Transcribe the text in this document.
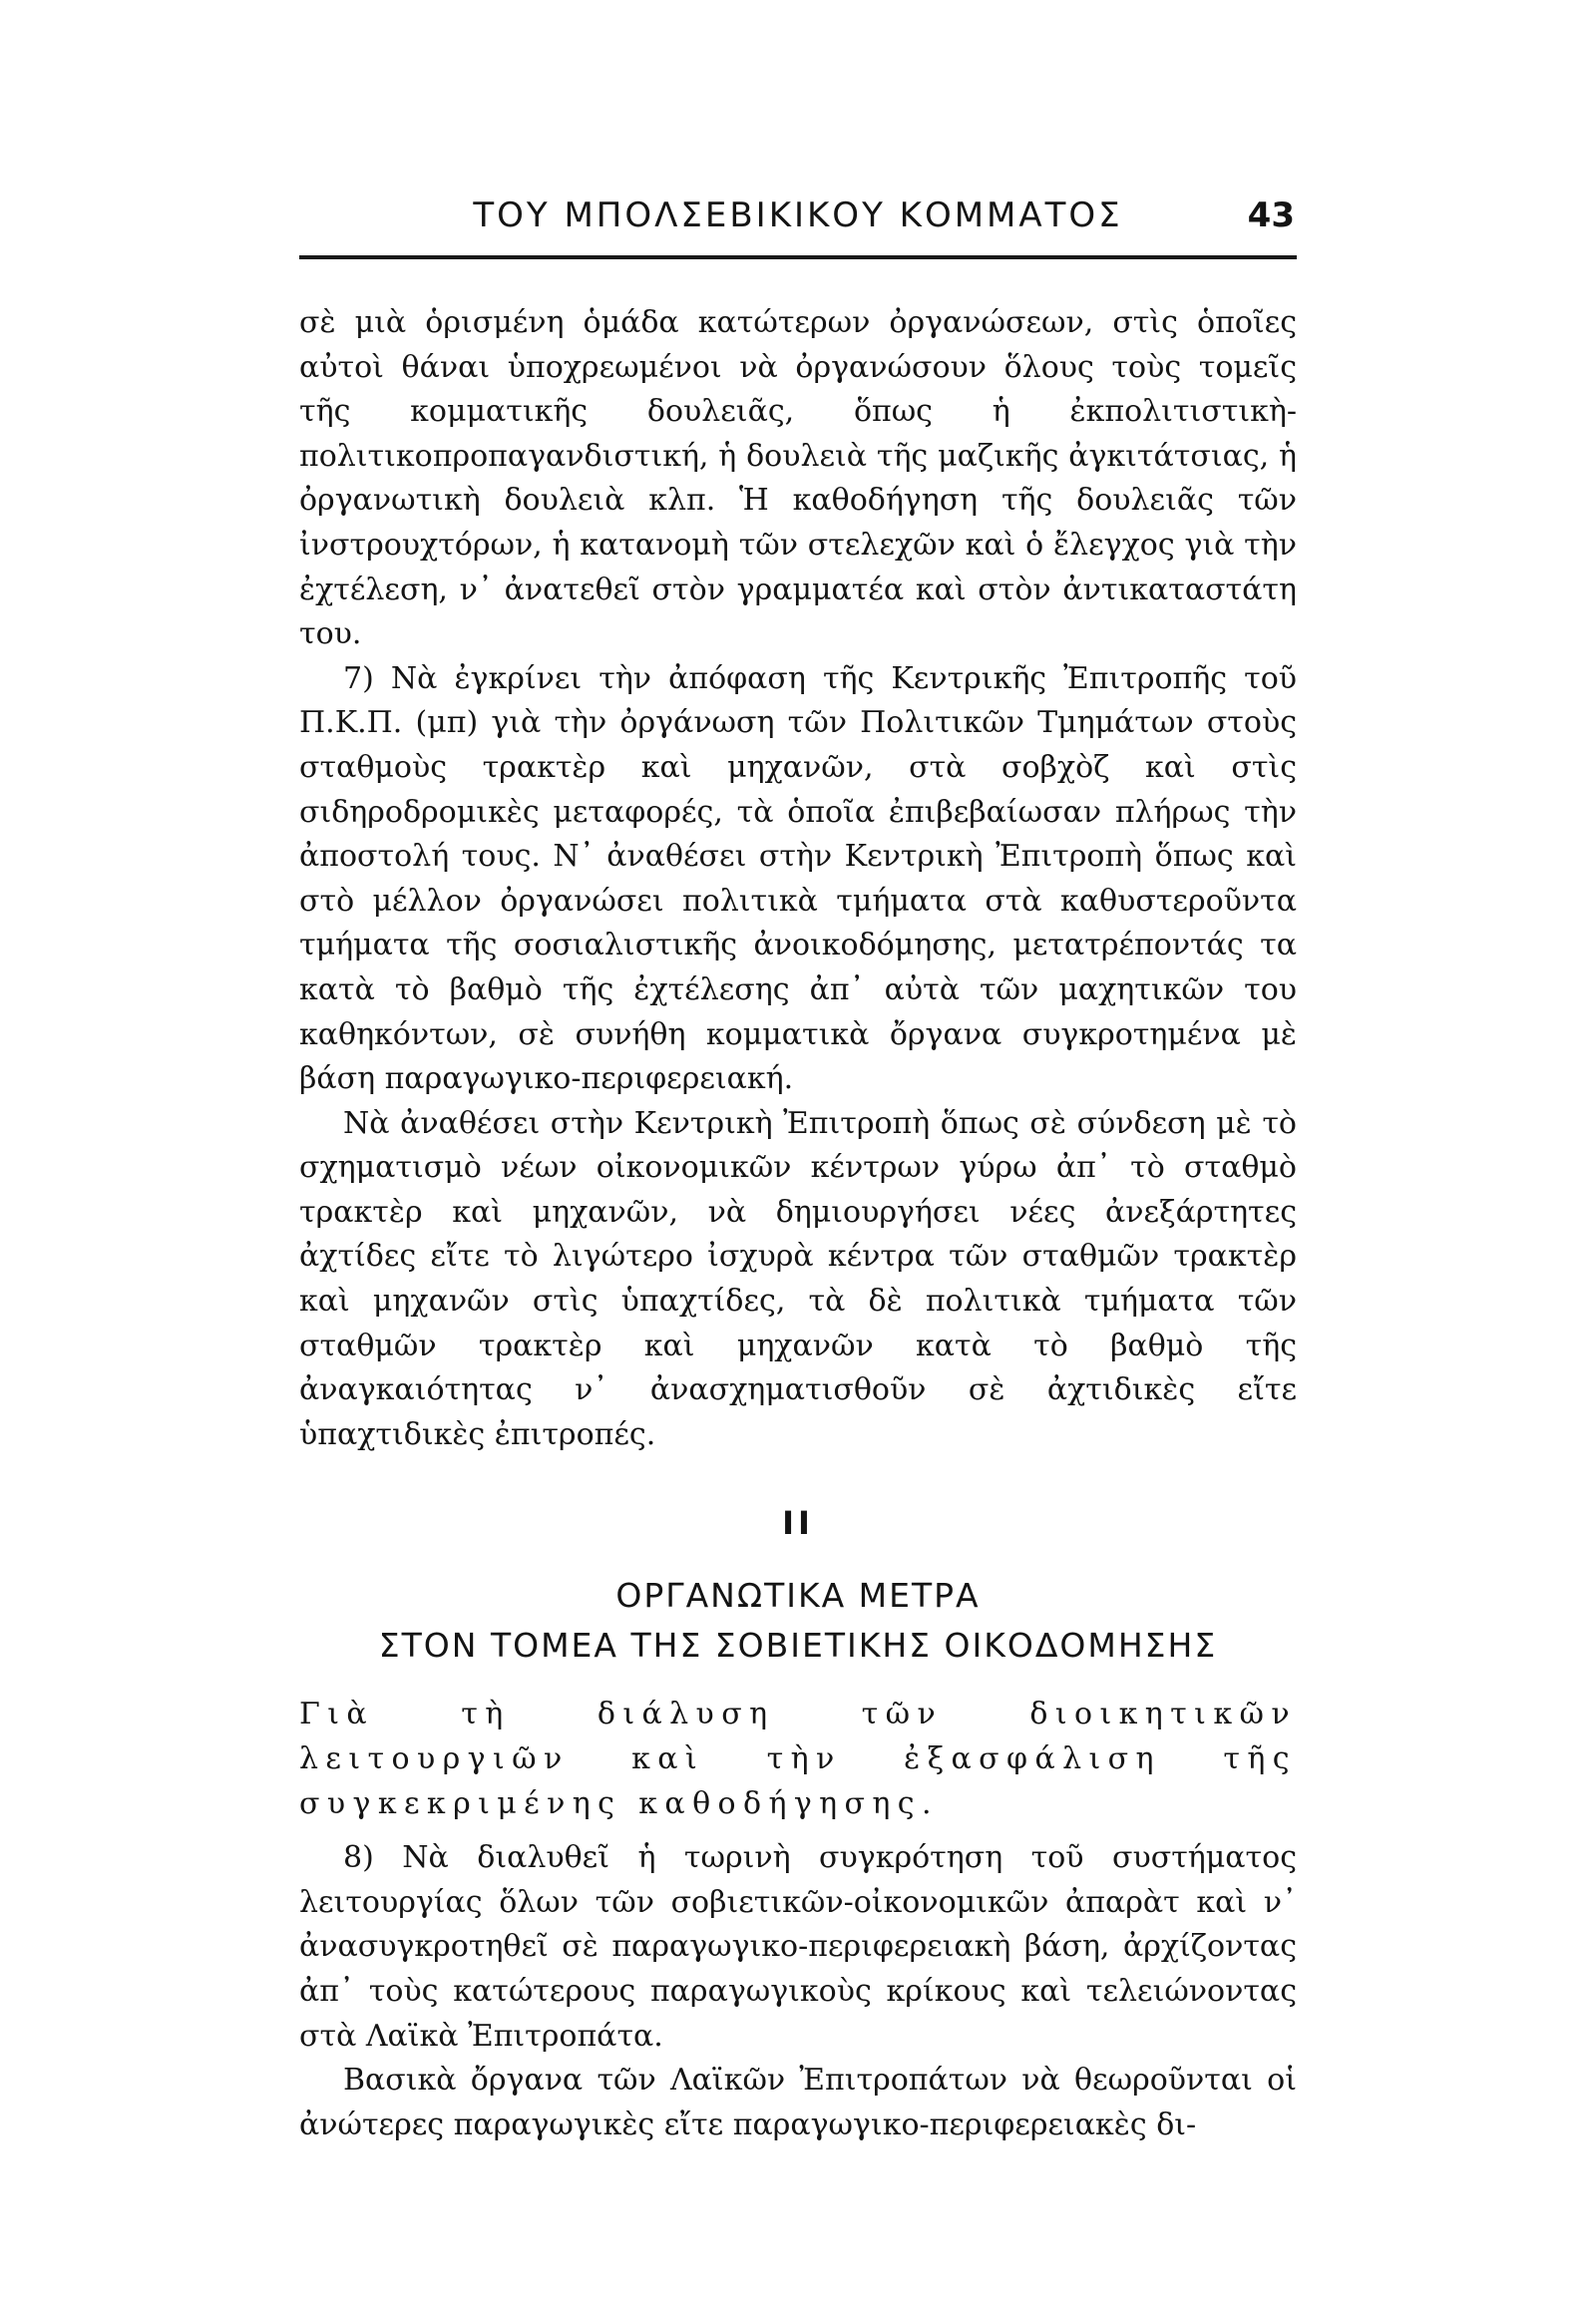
ΤΟΥ ΜΠΟΛΣΕΒΙΚΙΚΟΥ ΚΟΜΜΑΤΟΣ	43

σὲ μιὰ ὁρισμένη ὁμάδα κατώτερων ὀργανώσεων, στὶς ὁποῖες αὐτοὶ θάναι ὑποχρεωμένοι νὰ ὀργανώσουν ὅλους τοὺς τομεῖς τῆς κομματικῆς δουλειᾶς, ὅπως ἡ ἐκπολιτιστικὴ-πολιτικοπροπαγανδιστική, ἡ δουλειὰ τῆς μαζικῆς ἀγκιτάτσιας, ἡ ὀργανωτικὴ δουλειὰ κλπ. Ἡ καθοδήγηση τῆς δουλειᾶς τῶν ἰνστρουχτόρων, ἡ κατανομὴ τῶν στελεχῶν καὶ ὁ ἔλεγχος γιὰ τὴν ἐχτέλεση, ν᾽ ἀνατεθεῖ στὸν γραμματέα καὶ στὸν ἀντικαταστάτη του.

7) Νὰ ἐγκρίνει τὴν ἀπόφαση τῆς Κεντρικῆς Ἐπιτροπῆς τοῦ Π.Κ.Π. (μπ) γιὰ τὴν ὀργάνωση τῶν Πολιτικῶν Τμημάτων στοὺς σταθμοὺς τρακτὲρ καὶ μηχανῶν, στὰ σοβχὸζ καὶ στὶς σιδηροδρομικὲς μεταφορές, τὰ ὁποῖα ἐπιβεβαίωσαν πλήρως τὴν ἀποστολή τους. Ν᾽ ἀναθέσει στὴν Κεντρικὴ Ἐπιτροπὴ ὅπως καὶ στὸ μέλλον ὀργανώσει πολιτικὰ τμήματα στὰ καθυστεροῦντα τμήματα τῆς σοσιαλιστικῆς ἀνοικοδόμησης, μετατρέποντάς τα κατὰ τὸ βαθμὸ τῆς ἐχτέλεσης ἀπ᾽ αὐτὰ τῶν μαχητικῶν του καθηκόντων, σὲ συνήθη κομματικὰ ὄργανα συγκροτημένα μὲ βάση παραγωγικο-περιφερειακή.

Νὰ ἀναθέσει στὴν Κεντρικὴ Ἐπιτροπὴ ὅπως σὲ σύνδεση μὲ τὸ σχηματισμὸ νέων οἰκονομικῶν κέντρων γύρω ἀπ᾽ τὸ σταθμὸ τρακτὲρ καὶ μηχανῶν, νὰ δημιουργήσει νέες ἀνεξάρτητες ἀχτίδες εἴτε τὸ λιγώτερο ἰσχυρὰ κέντρα τῶν σταθμῶν τρακτὲρ καὶ μηχανῶν στὶς ὑπαχτίδες, τὰ δὲ πολιτικὰ τμήματα τῶν σταθμῶν τρακτὲρ καὶ μηχανῶν κατὰ τὸ βαθμὸ τῆς ἀναγκαιότητας ν᾽ ἀνασχηματισθοῦν σὲ ἀχτιδικὲς εἴτε ὑπαχτιδικὲς ἐπιτροπές.

ΙΙ
ΟΡΓΑΝΩΤΙΚΑ ΜΕΤΡΑ
ΣΤΟΝ ΤΟΜΕΑ ΤΗΣ ΣΟΒΙΕΤΙΚΗΣ ΟΙΚΟΔΟΜΗΣΗΣ

Γιὰ τὴ διάλυση τῶν διοικητικῶν λειτουργιῶν καὶ τὴν ἐξασφάλιση τῆς συγκεκριμένης καθοδήγησης.

8) Νὰ διαλυθεῖ ἡ τωρινὴ συγκρότηση τοῦ συστήματος λειτουργίας ὅλων τῶν σοβιετικῶν-οἰκονομικῶν ἀπαρὰτ καὶ ν᾽ ἀνασυγκροτηθεῖ σὲ παραγωγικο-περιφερειακὴ βάση, ἀρχίζοντας ἀπ᾽ τοὺς κατώτερους παραγωγικοὺς κρίκους καὶ τελειώνοντας στὰ Λαϊκὰ Ἐπιτροπάτα.

Βασικὰ ὄργανα τῶν Λαϊκῶν Ἐπιτροπάτων νὰ θεωροῦνται οἱ ἀνώτερες παραγωγικὲς εἴτε παραγωγικο-περιφερειακὲς δι-
